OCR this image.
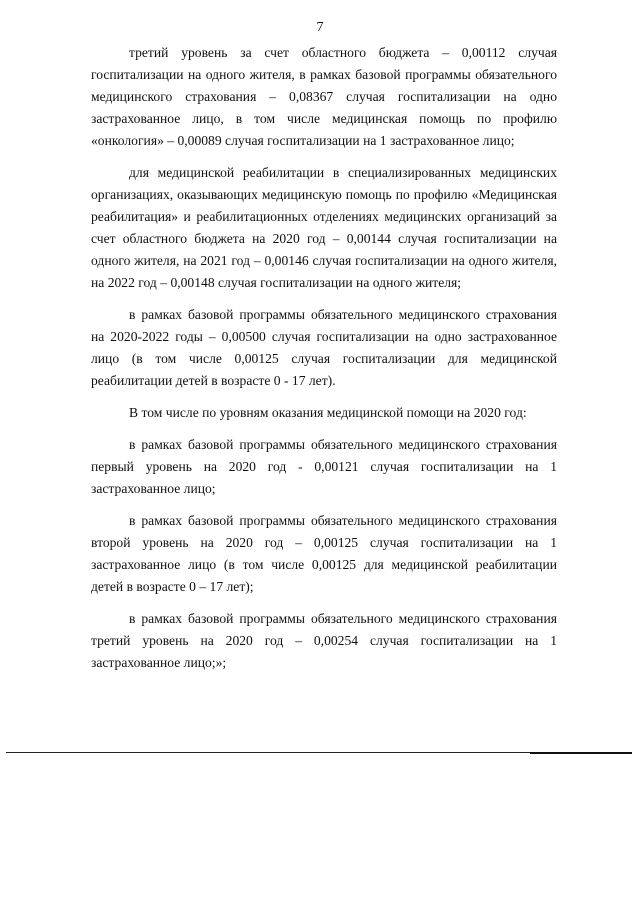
7

третий уровень за счет областного бюджета – 0,00112 случая госпитализации на одного жителя, в рамках базовой программы обязательного медицинского страхования – 0,08367 случая госпитализации на одно застрахованное лицо, в том числе медицинская помощь по профилю «онкология» – 0,00089 случая госпитализации на 1 застрахованное лицо;

для медицинской реабилитации в специализированных медицинских организациях, оказывающих медицинскую помощь по профилю «Медицинская реабилитация» и реабилитационных отделениях медицинских организаций за счет областного бюджета на 2020 год – 0,00144 случая госпитализации на одного жителя, на 2021 год – 0,00146 случая госпитализации на одного жителя, на 2022 год – 0,00148 случая госпитализации на одного жителя;

в рамках базовой программы обязательного медицинского страхования на 2020-2022 годы – 0,00500 случая госпитализации на одно застрахованное лицо (в том числе 0,00125 случая госпитализации для медицинской реабилитации детей в возрасте 0 - 17 лет).

В том числе по уровням оказания медицинской помощи на 2020 год:

в рамках базовой программы обязательного медицинского страхования первый уровень на 2020 год - 0,00121 случая госпитализации на 1 застрахованное лицо;

в рамках базовой программы обязательного медицинского страхования второй уровень на 2020 год – 0,00125 случая госпитализации на 1 застрахованное лицо (в том числе 0,00125 для медицинской реабилитации детей в возрасте 0 – 17 лет);

в рамках базовой программы обязательного медицинского страхования третий уровень на 2020 год – 0,00254 случая госпитализации на 1 застрахованное лицо;»;
